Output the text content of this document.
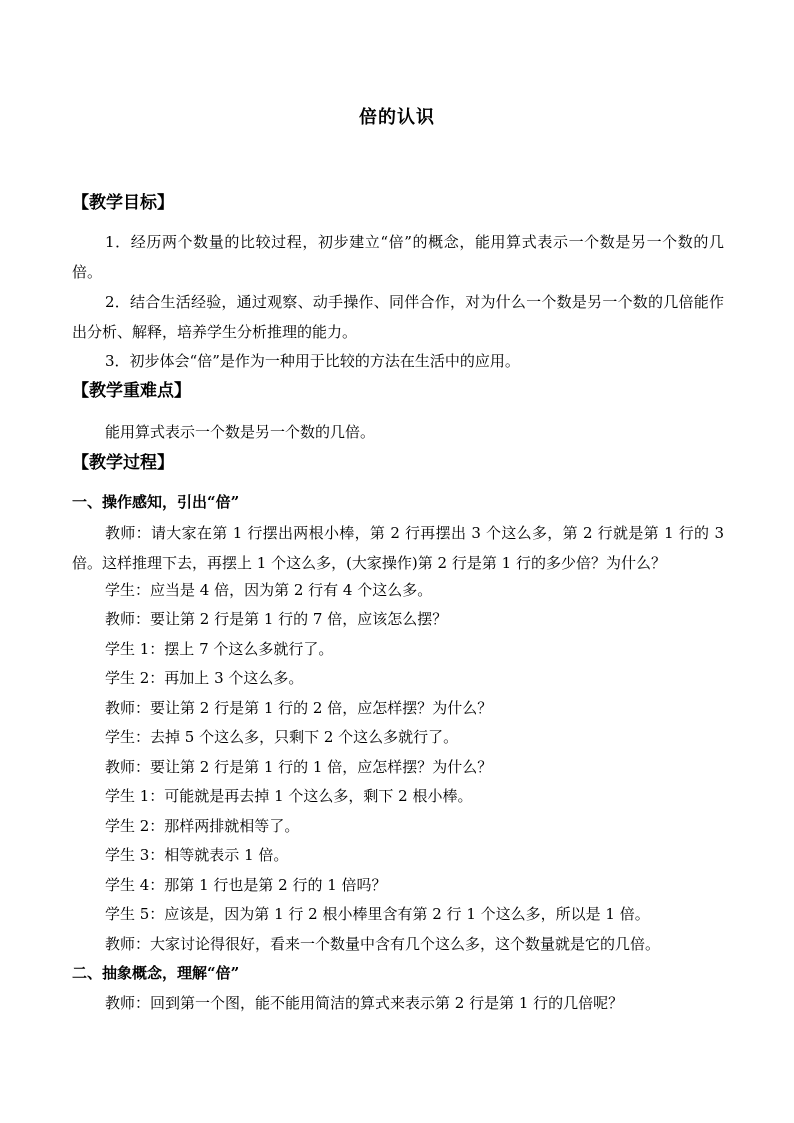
倍的认识
【教学目标】
1．经历两个数量的比较过程，初步建立“倍”的概念，能用算式表示一个数是另一个数的几倍。
2．结合生活经验，通过观察、动手操作、同伴合作，对为什么一个数是另一个数的几倍能作出分析、解释，培养学生分析推理的能力。
3．初步体会“倍”是作为一种用于比较的方法在生活中的应用。
【教学重难点】
能用算式表示一个数是另一个数的几倍。
【教学过程】
一、操作感知，引出“倍”
教师：请大家在第 1 行摆出两根小棒，第 2 行再摆出 3 个这么多，第 2 行就是第 1 行的 3 倍。这样推理下去，再摆上 1 个这么多，(大家操作)第 2 行是第 1 行的多少倍？为什么？
学生：应当是 4 倍，因为第 2 行有 4 个这么多。
教师：要让第 2 行是第 1 行的 7 倍，应该怎么摆？
学生 1：摆上 7 个这么多就行了。
学生 2：再加上 3 个这么多。
教师：要让第 2 行是第 1 行的 2 倍，应怎样摆？为什么？
学生：去掉 5 个这么多，只剩下 2 个这么多就行了。
教师：要让第 2 行是第 1 行的 1 倍，应怎样摆？为什么？
学生 1：可能就是再去掉 1 个这么多，剩下 2 根小棒。
学生 2：那样两排就相等了。
学生 3：相等就表示 1 倍。
学生 4：那第 1 行也是第 2 行的 1 倍吗？
学生 5：应该是，因为第 1 行 2 根小棒里含有第 2 行 1 个这么多，所以是 1 倍。
教师：大家讨论得很好，看来一个数量中含有几个这么多，这个数量就是它的几倍。
二、抽象概念，理解“倍”
教师：回到第一个图，能不能用简洁的算式来表示第 2 行是第 1 行的几倍呢？
